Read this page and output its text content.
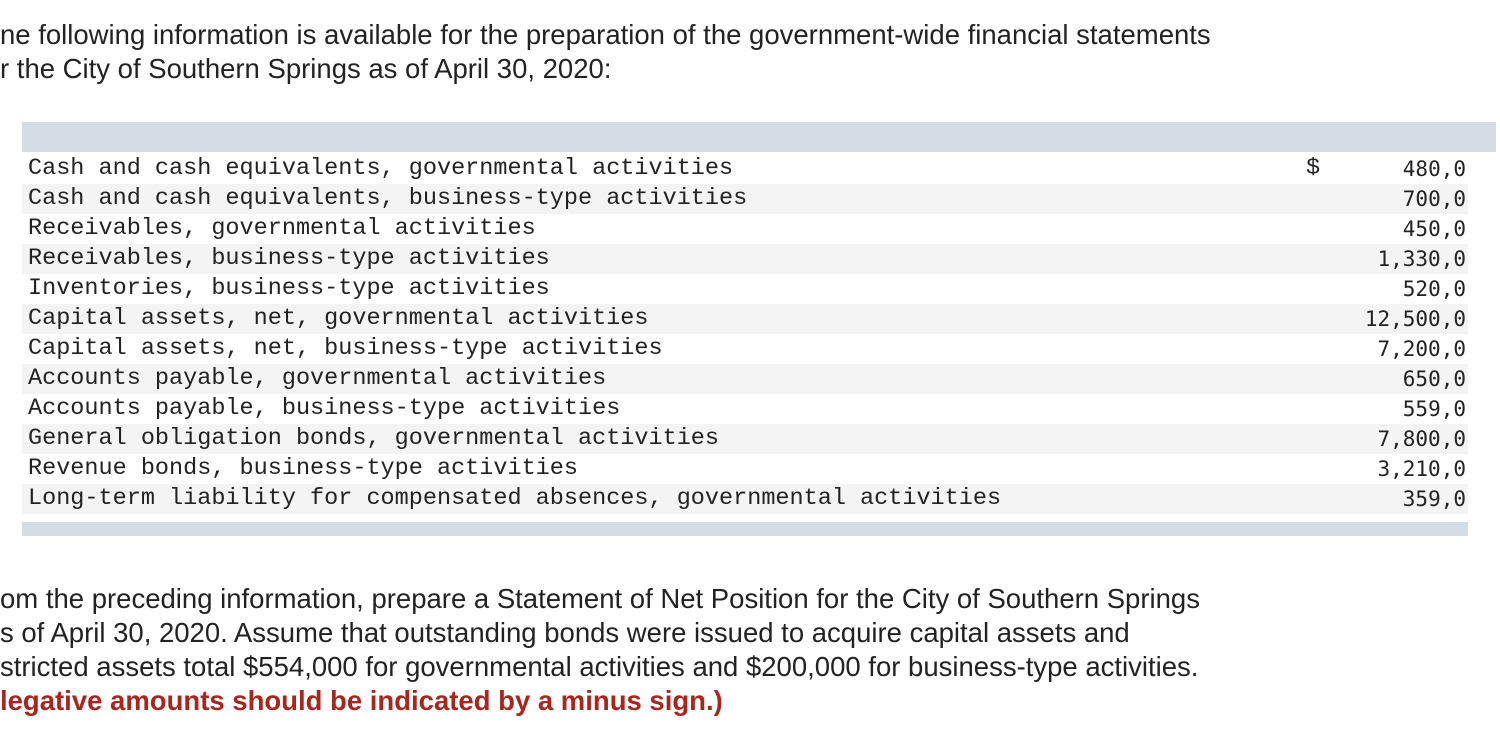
ne following information is available for the preparation of the government-wide financial statements
r the City of Southern Springs as of April 30, 2020:

Cash and cash equivalents, governmental activities	$	480,0
Cash and cash equivalents, business-type activities		700,0
Receivables, governmental activities		450,0
Receivables, business-type activities		1,330,0
Inventories, business-type activities		520,0
Capital assets, net, governmental activities		12,500,0
Capital assets, net, business-type activities		7,200,0
Accounts payable, governmental activities		650,0
Accounts payable, business-type activities		559,0
General obligation bonds, governmental activities		7,800,0
Revenue bonds, business-type activities		3,210,0
Long-term liability for compensated absences, governmental activities		359,0

om the preceding information, prepare a Statement of Net Position for the City of Southern Springs
s of April 30, 2020. Assume that outstanding bonds were issued to acquire capital assets and
stricted assets total $554,000 for governmental activities and $200,000 for business-type activities.
legative amounts should be indicated by a minus sign.)
